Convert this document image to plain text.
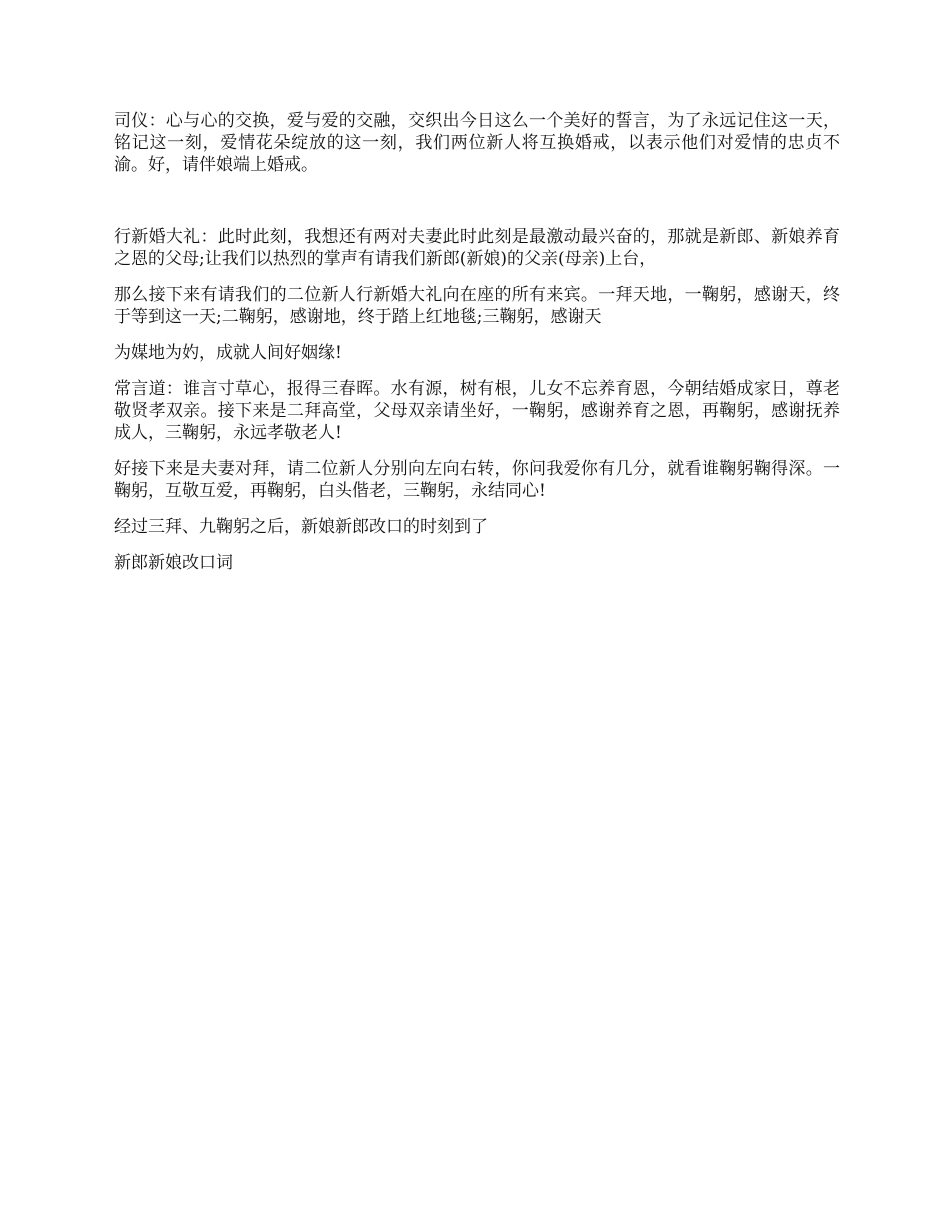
司仪：心与心的交换，爱与爱的交融，交织出今日这么一个美好的誓言，为了永远记住这一天，铭记这一刻，爱情花朵绽放的这一刻，我们两位新人将互换婚戒，以表示他们对爱情的忠贞不渝。好，请伴娘端上婚戒。

行新婚大礼：此时此刻，我想还有两对夫妻此时此刻是最激动最兴奋的，那就是新郎、新娘养育之恩的父母;让我们以热烈的掌声有请我们新郎(新娘)的父亲(母亲)上台，

那么接下来有请我们的二位新人行新婚大礼向在座的所有来宾。一拜天地，一鞠躬，感谢天，终于等到这一天;二鞠躬，感谢地，终于踏上红地毯;三鞠躬，感谢天

为媒地为妁，成就人间好姻缘!

常言道：谁言寸草心，报得三春晖。水有源，树有根，儿女不忘养育恩，今朝结婚成家日，尊老敬贤孝双亲。接下来是二拜高堂，父母双亲请坐好，一鞠躬，感谢养育之恩，再鞠躬，感谢抚养成人，三鞠躬，永远孝敬老人!

好接下来是夫妻对拜，请二位新人分别向左向右转，你问我爱你有几分，就看谁鞠躬鞠得深。一鞠躬，互敬互爱，再鞠躬，白头偕老，三鞠躬，永结同心!

经过三拜、九鞠躬之后，新娘新郎改口的时刻到了

新郎新娘改口词
